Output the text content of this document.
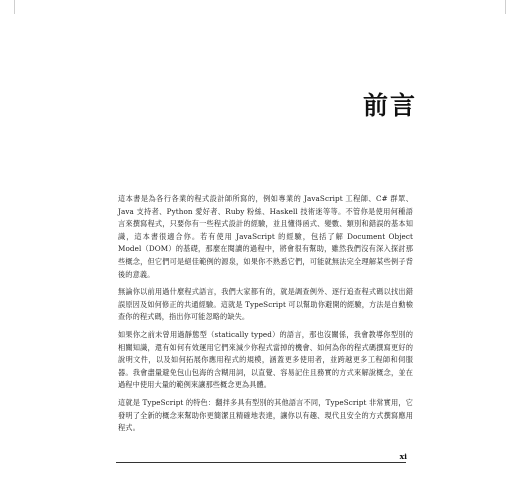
前言

這本書是為各行各業的程式設計師所寫的，例如專業的 JavaScript 工程師、C# 群眾、Java 支持者、Python 愛好者、Ruby 粉絲、Haskell 技術迷等等。不管你是使用何種語言來撰寫程式，只要你有一些程式設計的經驗，並且懂得函式、變數、類別和錯誤的基本知識，這本書很適合你。若有使用 JavaScript 的經驗，包括了解 Document Object Model（DOM）的基礎，那麼在閱讀的過程中，將會很有幫助，雖然我們沒有深入探討那些概念，但它們可是絕佳範例的源泉，如果你不熟悉它們，可能就無法完全理解某些例子背後的意義。

無論你以前用過什麼程式語言，我們大家都有的，就是調查例外、逐行追查程式碼以找出錯誤原因及如何修正的共通經驗。這就是 TypeScript 可以幫助你避開的經驗，方法是自動檢查你的程式碼，指出你可能忽略的缺失。

如果你之前未曾用過靜態型（statically typed）的語言，那也沒關係，我會教導你型別的相關知識，還有如何有效運用它們來減少你程式當掉的機會、如何為你的程式碼撰寫更好的說明文件，以及如何拓展你應用程式的規模，涵蓋更多使用者，並跨越更多工程師和伺服器。我會盡量避免包山包海的含糊用詞，以直覺、容易記住且務實的方式來解說概念，並在過程中使用大量的範例來讓那些概念更為具體。

這就是 TypeScript 的特色：翻拌多具有型別的其他語言不同，TypeScript 非常實用，它發明了全新的概念來幫助你更簡潔且精確地表達，讓你以有趣、現代且安全的方式撰寫應用程式。

xi
